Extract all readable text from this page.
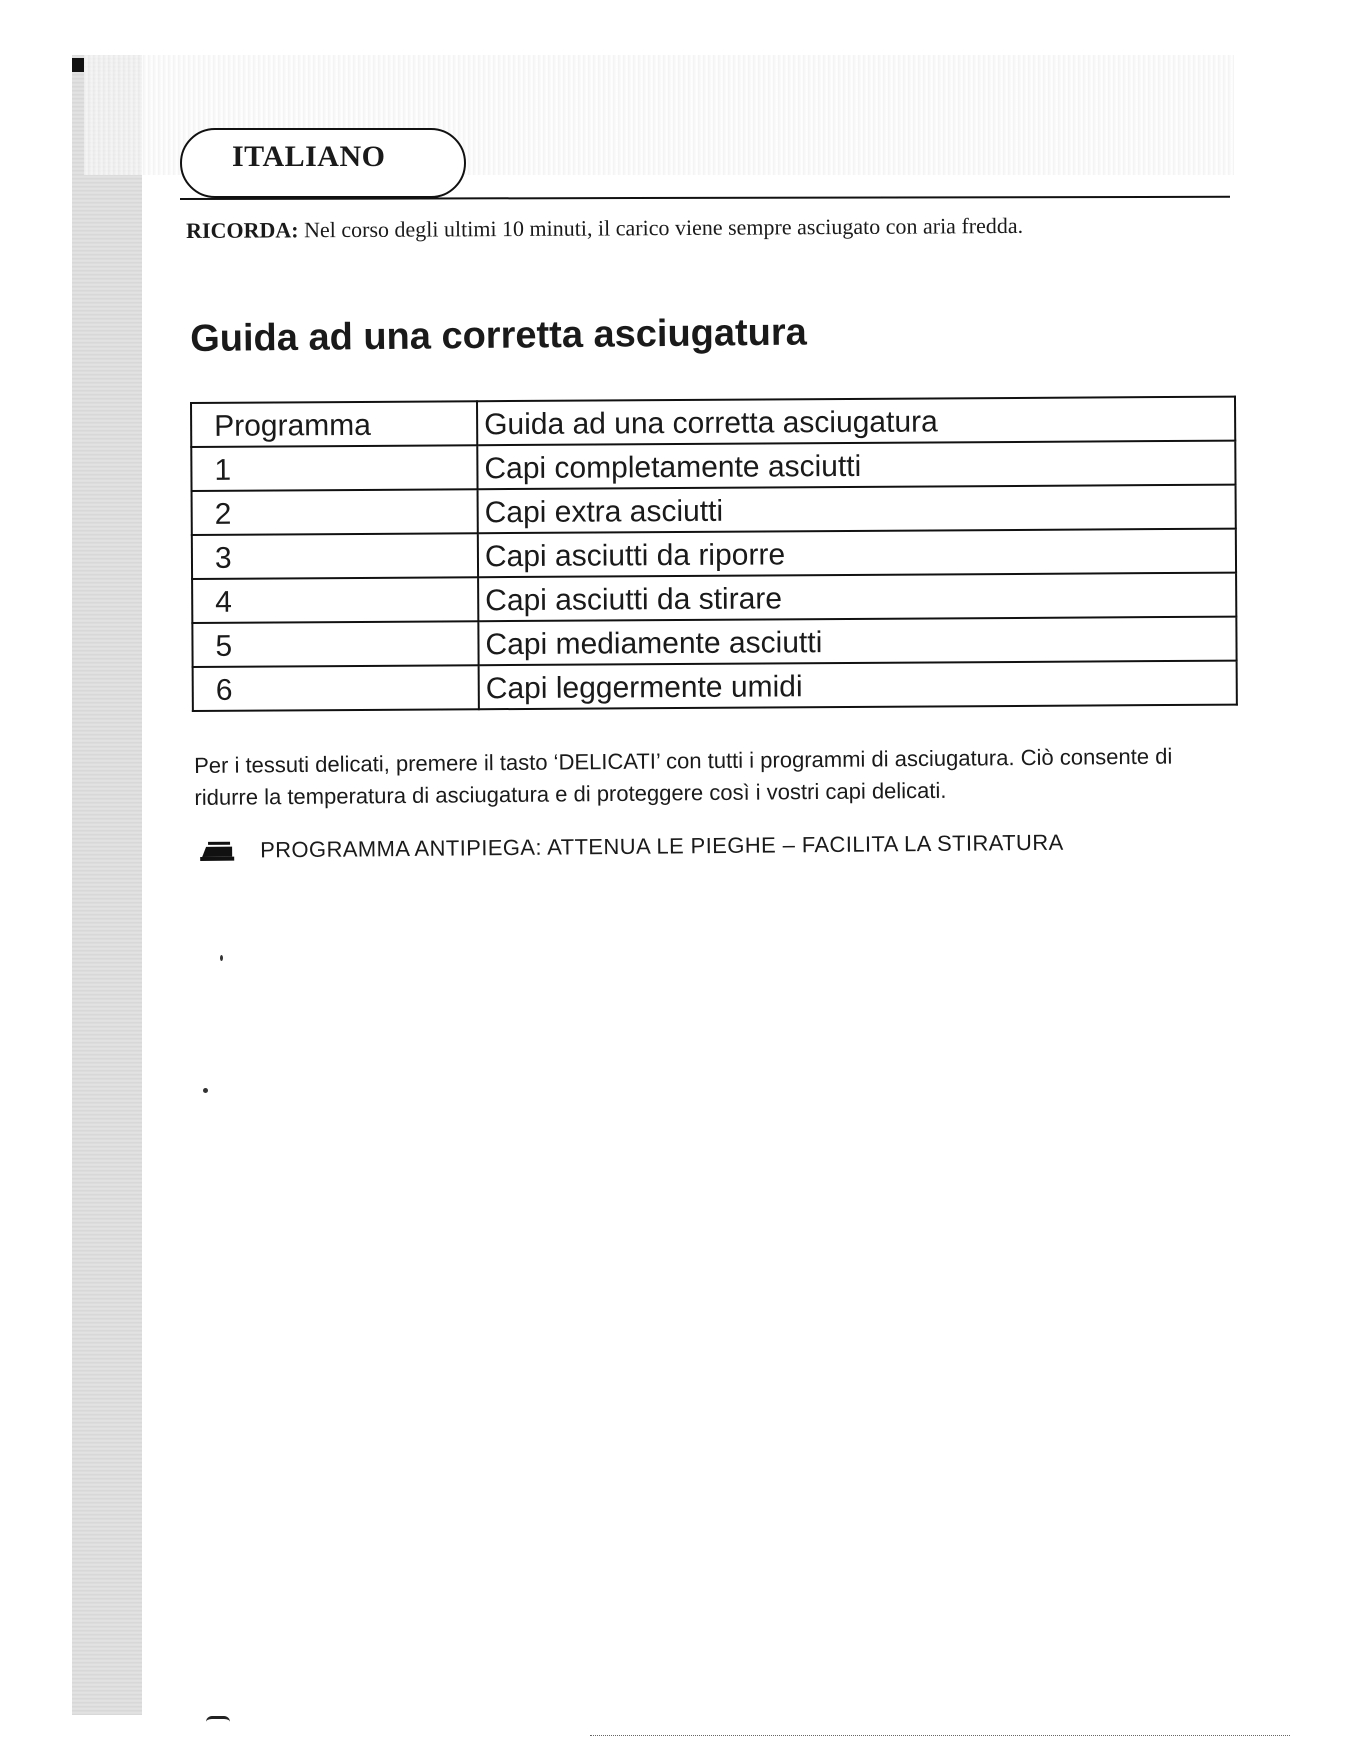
ITALIANO
RICORDA: Nel corso degli ultimi 10 minuti, il carico viene sempre asciugato con aria fredda.
Guida ad una corretta asciugatura
Programma	Guida ad una corretta asciugatura
1	Capi completamente asciutti
2	Capi extra asciutti
3	Capi asciutti da riporre
4	Capi asciutti da stirare
5	Capi mediamente asciutti
6	Capi leggermente umidi
Per i tessuti delicati, premere il tasto ‘DELICATI’ con tutti i programmi di asciugatura. Ciò consente di ridurre la temperatura di asciugatura e di proteggere così i vostri capi delicati.
PROGRAMMA ANTIPIEGA: ATTENUA LE PIEGHE – FACILITA LA STIRATURA
